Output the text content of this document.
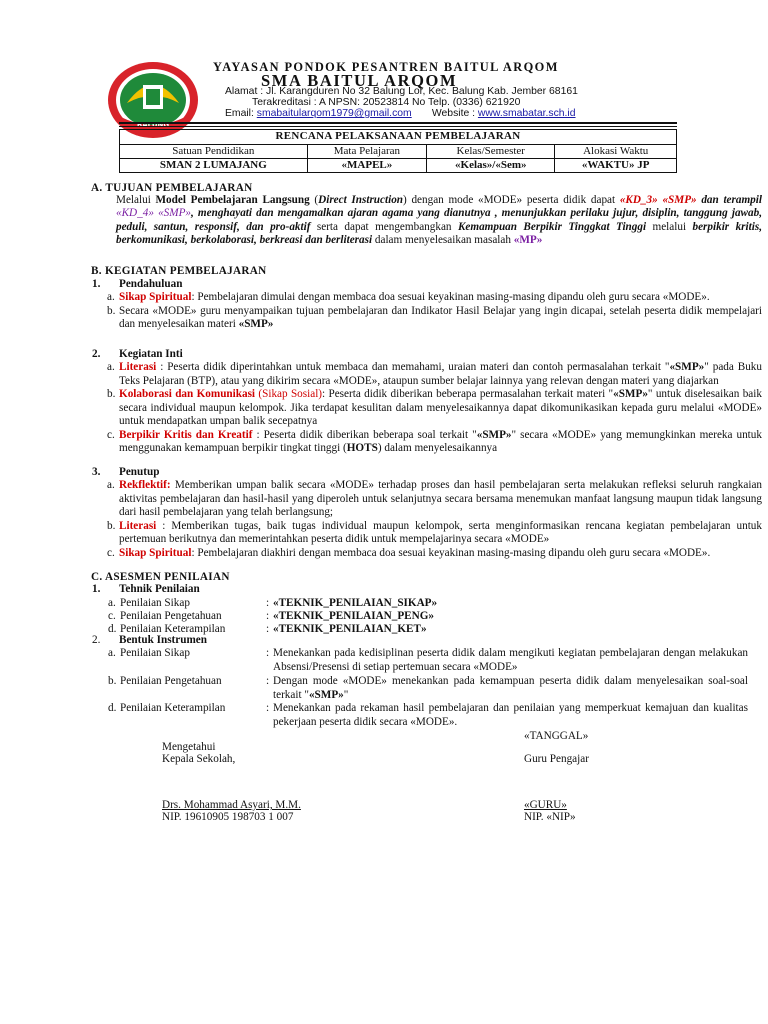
BALUNG
YAYASAN PONDOK PESANTREN BAITUL ARQOM
SMA BAITUL ARQOM
Alamat : Jl. Karangduren No 32 Balung Lor, Kec. Balung Kab. Jember 68161
Terakreditasi : A NPSN: 20523814 No Telp. (0336) 621920
Email: smabaitularqom1979@gmail.com       Website : www.smabatar.sch.id
RENCANA PELAKSANAAN PEMBELAJARAN			
Satuan Pendidikan	Mata Pelajaran	Kelas/Semester	Alokasi Waktu
SMAN 2 LUMAJANG	«MAPEL»	«Kelas»/«Sem»	«WAKTU» JP
A. TUJUAN PEMBELAJARAN
Melalui Model Pembelajaran Langsung (Direct Instruction) dengan mode «MODE» peserta didik dapat «KD_3» «SMP» dan terampil «KD_4» «SMP», menghayati dan mengamalkan ajaran agama yang dianutnya , menunjukkan perilaku jujur, disiplin, tanggung jawab, peduli, santun, responsif, dan pro-aktif serta dapat mengembangkan Kemampuan Berpikir Tinggkat Tinggi melalui berpikir kritis, berkomunikasi, berkolaborasi, berkreasi dan berliterasi dalam menyelesaikan masalah «MP»
B. KEGIATAN PEMBELAJARAN
1. Pendahuluan
a. Sikap Spiritual: Pembelajaran dimulai dengan membaca doa sesuai keyakinan masing-masing dipandu oleh guru secara «MODE».
b. Secara «MODE» guru menyampaikan tujuan pembelajaran dan Indikator Hasil Belajar yang ingin dicapai, setelah peserta didik mempelajari dan menyelesaikan materi «SMP»
2. Kegiatan Inti
a. Literasi : Peserta didik diperintahkan untuk membaca dan memahami, uraian materi dan contoh permasalahan terkait "«SMP»" pada Buku Teks Pelajaran (BTP), atau yang dikirim secara «MODE», ataupun sumber belajar lainnya yang relevan dengan materi yang diajarkan
b. Kolaborasi dan Komunikasi (Sikap Sosial): Peserta didik diberikan beberapa permasalahan terkait materi "«SMP»" untuk diselesaikan baik secara individual maupun kelompok. Jika terdapat kesulitan dalam menyelesaikannya dapat dikomunikasikan kepada guru melalui «MODE» untuk mendapatkan umpan balik secepatnya
c. Berpikir Kritis dan Kreatif : Peserta didik diberikan beberapa soal terkait "«SMP»" secara «MODE» yang memungkinkan mereka untuk menggunakan kemampuan berpikir tingkat tinggi (HOTS) dalam menyelesaikannya
3. Penutup
a. Rekflektif: Memberikan umpan balik secara «MODE» terhadap proses dan hasil pembelajaran serta melakukan refleksi seluruh rangkaian aktivitas pembelajaran dan hasil-hasil yang diperoleh untuk selanjutnya secara bersama menemukan manfaat langsung maupun tidak langsung dari hasil pembelajaran yang telah berlangsung;
b. Literasi : Memberikan tugas, baik tugas individual maupun kelompok, serta menginformasikan rencana kegiatan pembelajaran untuk pertemuan berikutnya dan memerintahkan peserta didik untuk mempelajarinya secara «MODE»
c. Sikap Spiritual: Pembelajaran diakhiri dengan membaca doa sesuai keyakinan masing-masing dipandu oleh guru secara «MODE».
C. ASESMEN PENILAIAN
1. Tehnik Penilaian
a. Penilaian Sikap	: «TEKNIK_PENILAIAN_SIKAP»
c. Penilaian Pengetahuan	: «TEKNIK_PENILAIAN_PENG»
d. Penilaian Keterampilan	: «TEKNIK_PENILAIAN_KET»
2. Bentuk Instrumen
a. Penilaian Sikap	: Menekankan pada kedisiplinan peserta didik dalam mengikuti kegiatan pembelajaran dengan melakukan Absensi/Presensi di setiap pertemuan secara «MODE»
b. Penilaian Pengetahuan	: Dengan mode «MODE» menekankan pada kemampuan peserta didik dalam menyelesaikan soal-soal terkait "«SMP»"
d. Penilaian Keterampilan	: Menekankan pada rekaman hasil pembelajaran dan penilaian yang memperkuat kemajuan dan kualitas pekerjaan peserta didik secara «MODE».
«TANGGAL»
Mengetahui
Kepala Sekolah,	Guru Pengajar
Drs. Mohammad Asyari, M.M.
NIP. 19610905 198703 1 007
«GURU»
NIP. «NIP»
